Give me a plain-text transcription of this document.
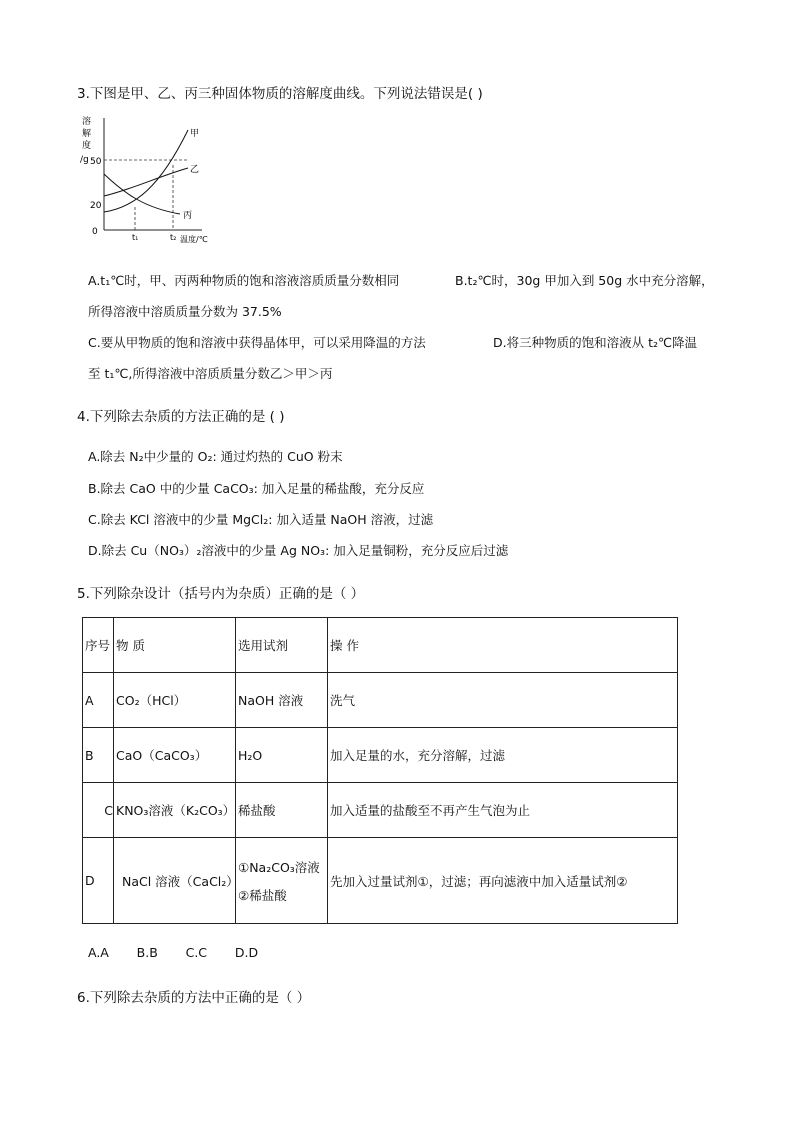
3.下图是甲、乙、丙三种固体物质的溶解度曲线。下列说法错误是( )
溶
解
度
/g 50
20
0
甲
乙
丙
t₁	t₂ 温度/℃
A.t₁℃时，甲、丙两种物质的饱和溶液溶质质量分数相同	B.t₂℃时，30g 甲加入到 50g 水中充分溶解，
所得溶液中溶质质量分数为 37.5%
C.要从甲物质的饱和溶液中获得晶体甲，可以采用降温的方法	D.将三种物质的饱和溶液从 t₂℃降温
至 t₁℃,所得溶液中溶质质量分数乙＞甲＞丙
4.下列除去杂质的方法正确的是 ( )
A.除去 N₂中少量的 O₂: 通过灼热的 CuO 粉末
B.除去 CaO 中的少量 CaCO₃: 加入足量的稀盐酸，充分反应
C.除去 KCl 溶液中的少量 MgCl₂: 加入适量 NaOH 溶液，过滤
D.除去 Cu（NO₃）₂溶液中的少量 Ag NO₃: 加入足量铜粉，充分反应后过滤
5.下列除杂设计（括号内为杂质）正确的是（ ）
序号	物 质	选用试剂	操 作
A	CO₂（HCl）	NaOH 溶液	洗气
B	CaO（CaCO₃）	H₂O	加入足量的水，充分溶解，过滤
C	KNO₃溶液（K₂CO₃）	稀盐酸	加入适量的盐酸至不再产生气泡为止
D	NaCl 溶液（CaCl₂）	①Na₂CO₃溶液
②稀盐酸	先加入过量试剂①，过滤；再向滤液中加入适量试剂②
A.A       B.B       C.C       D.D
6.下列除去杂质的方法中正确的是（ ）
